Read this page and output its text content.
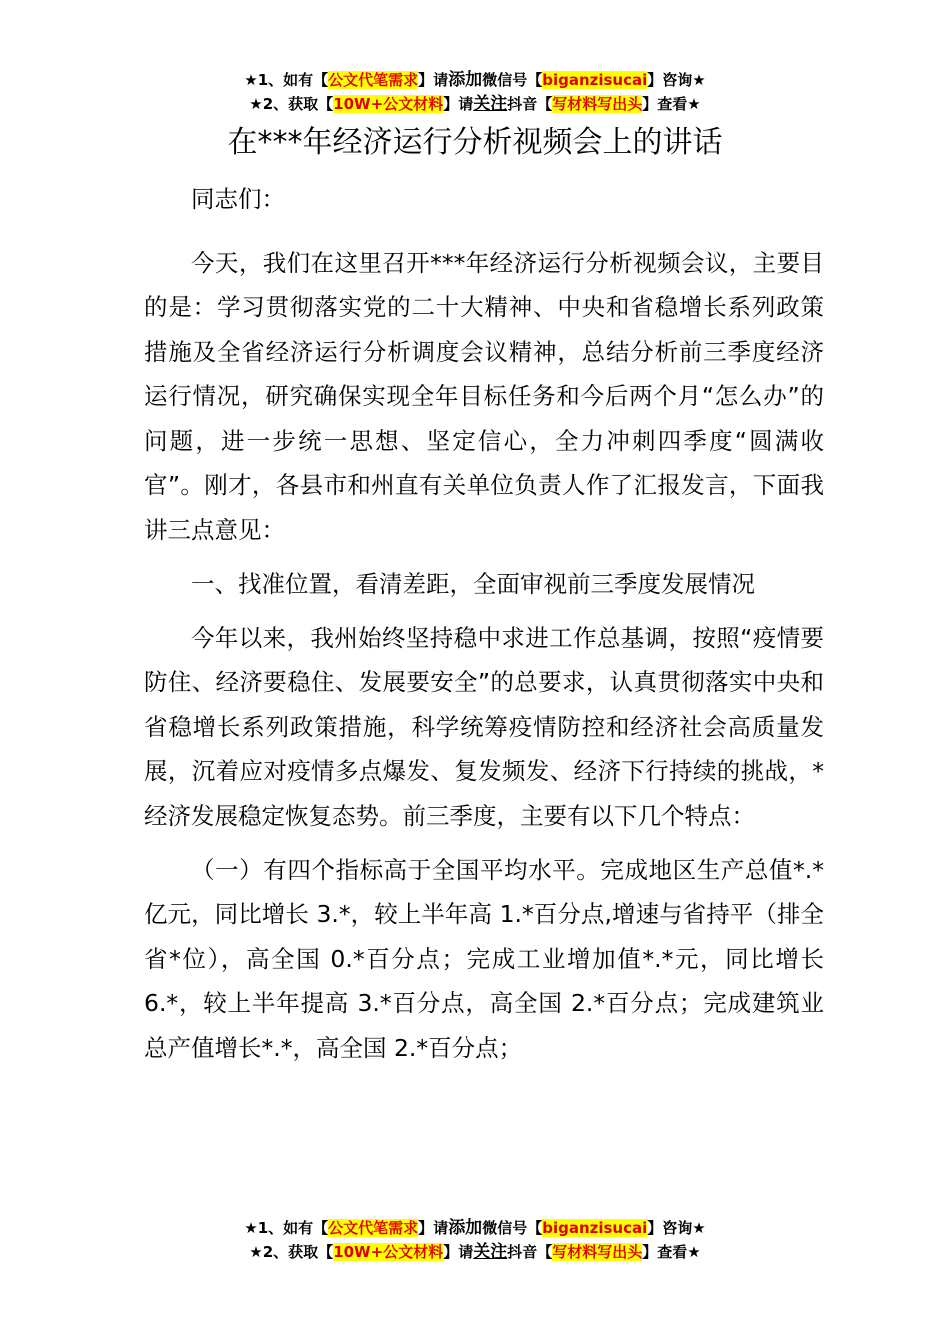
★1、如有【公文代笔需求】请添加微信号【biganzisucai】咨询★
★2、获取【10W+公文材料】请关注抖音【写材料写出头】查看★
在***年经济运行分析视频会上的讲话

同志们：

今天，我们在这里召开***年经济运行分析视频会议，主要目的是：学习贯彻落实党的二十大精神、中央和省稳增长系列政策措施及全省经济运行分析调度会议精神，总结分析前三季度经济运行情况，研究确保实现全年目标任务和今后两个月“怎么办”的问题，进一步统一思想、坚定信心，全力冲刺四季度“圆满收官”。刚才，各县市和州直有关单位负责人作了汇报发言，下面我讲三点意见：

一、找准位置，看清差距，全面审视前三季度发展情况

今年以来，我州始终坚持稳中求进工作总基调，按照“疫情要防住、经济要稳住、发展要安全”的总要求，认真贯彻落实中央和省稳增长系列政策措施，科学统筹疫情防控和经济社会高质量发展，沉着应对疫情多点爆发、复发频发、经济下行持续的挑战，*经济发展稳定恢复态势。前三季度，主要有以下几个特点：

（一）有四个指标高于全国平均水平。完成地区生产总值*.*亿元，同比增长 3.*，较上半年高 1.*百分点,增速与省持平（排全省*位），高全国 0.*百分点；完成工业增加值*.*元，同比增长 6.*，较上半年提高 3.*百分点，高全国 2.*百分点；完成建筑业总产值增长*.*，高全国 2.*百分点；

★1、如有【公文代笔需求】请添加微信号【biganzisucai】咨询★
★2、获取【10W+公文材料】请关注抖音【写材料写出头】查看★
